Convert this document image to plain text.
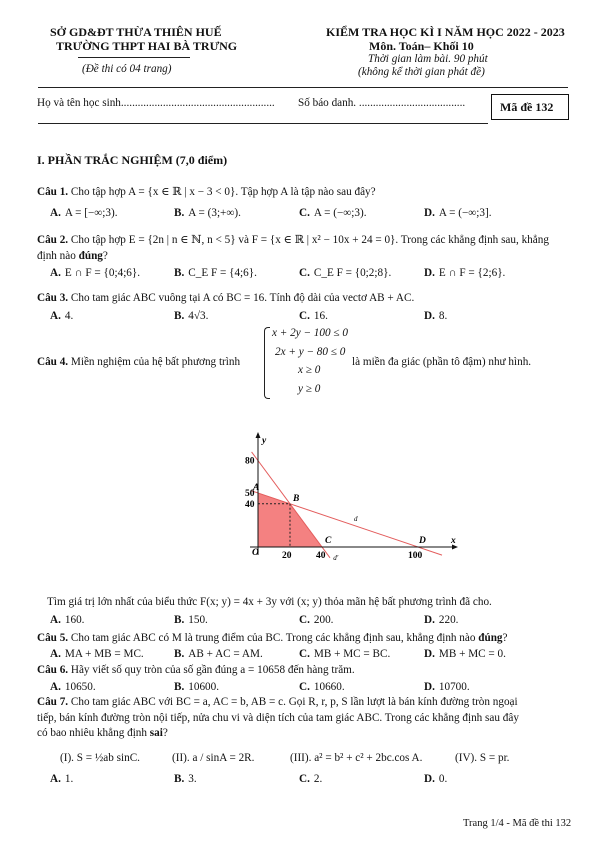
SỞ GD&ĐT THỪA THIÊN HUẾ
TRƯỜNG THPT HAI BÀ TRƯNG
(Đề thi có 04 trang)
KIỂM TRA HỌC KÌ I NĂM HỌC 2022 - 2023
Môn. Toán– Khối 10
Thời gian làm bài. 90 phút
(không kể thời gian phát đề)
Họ và tên học sinh....................................................... Số báo danh. ......................................	Mã đề 132
I. PHẦN TRẮC NGHIỆM (7,0 điểm)
Câu 1. Cho tập hợp A = {x ∈ ℝ | x − 3 < 0}. Tập hợp A là tập nào sau đây?
A. A = [−∞;3).	B. A = (3;+∞).	C. A = (−∞;3).	D. A = (−∞;3].
Câu 2. Cho tập hợp E = {2n | n ∈ ℕ, n < 5} và F = {x ∈ ℝ | x² − 10x + 24 = 0}. Trong các khẳng định sau, khẳng
định nào đúng?
A. E ∩ F = {0;4;6}.	B. C_E F = {4;6}.	C. C_E F = {0;2;8}.	D. E ∩ F = {2;6}.
Câu 3. Cho tam giác ABC vuông tại A có BC = 16. Tính độ dài của vectơ AB + AC.
A. 4.	B. 4√3.	C. 16.	D. 8.
Câu 4. Miền nghiệm của hệ bất phương trình
x + 2y − 100 ≤ 0
2x + y − 80 ≤ 0
x ≥ 0
y ≥ 0
là miền đa giác (phần tô đậm) như hình.
20	40	100
40
50
80
O
A
B
C	D	x
y
d
d'
Tìm giá trị lớn nhất của biểu thức F(x; y) = 4x + 3y với (x; y) thỏa mãn hệ bất phương trình đã cho.
A. 160.	B. 150.	C. 200.	D. 220.
Câu 5. Cho tam giác ABC có M là trung điểm của BC. Trong các khẳng định sau, khẳng định nào đúng?
A. MA + MB = MC.	B. AB + AC = AM.	C. MB + MC = BC.	D. MB + MC = 0.
Câu 6. Hãy viết số quy tròn của số gần đúng a = 10658 đến hàng trăm.
A. 10650.	B. 10600.	C. 10660.	D. 10700.
Câu 7. Cho tam giác ABC với BC = a, AC = b, AB = c. Gọi R, r, p, S lần lượt là bán kính đường tròn ngoại
tiếp, bán kính đường tròn nội tiếp, nửa chu vi và diện tích của tam giác ABC. Trong các khẳng định sau đây
có bao nhiêu khẳng định sai?
(I). S = ½ab sinC.	(II). a / sinA = 2R.	(III). a² = b² + c² + 2bc.cos A.	(IV). S = pr.
A. 1.	B. 3.	C. 2.	D. 0.
Trang 1/4 - Mã đề thi 132
